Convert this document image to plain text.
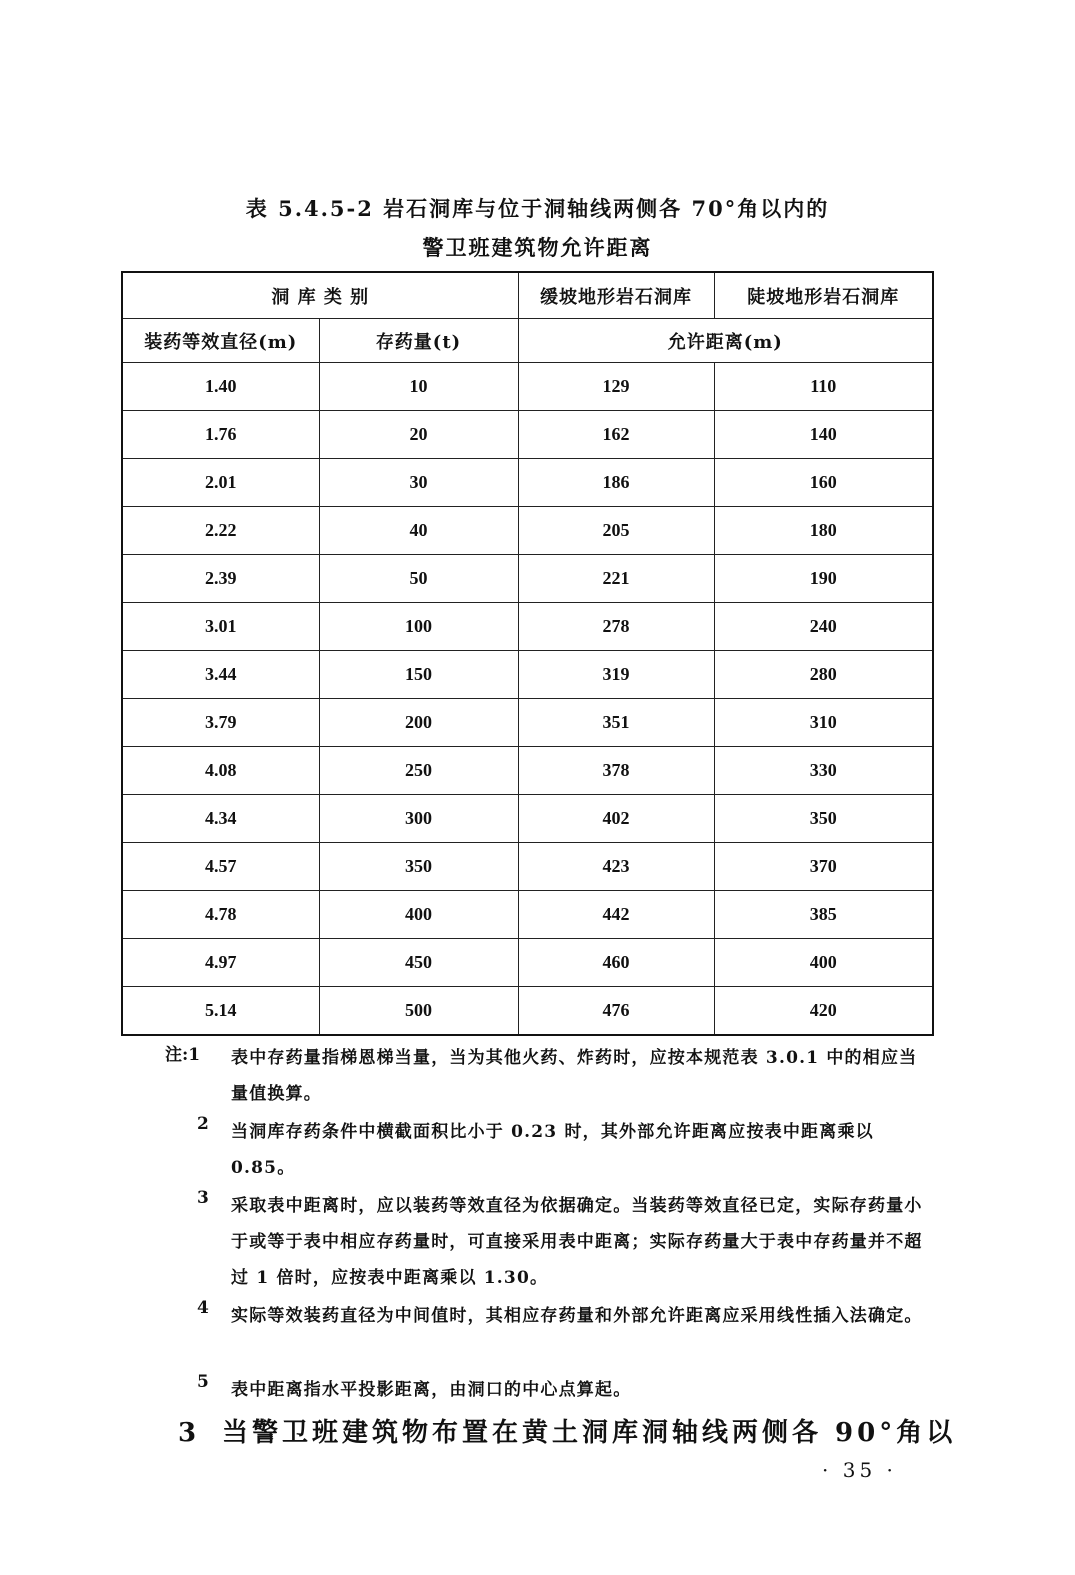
表 5.4.5-2 岩石洞库与位于洞轴线两侧各 70°角以内的
警卫班建筑物允许距离
洞 库 类 别		缓坡地形岩石洞库	陡坡地形岩石洞库
装药等效直径(m)	存药量(t)	允许距离(m)	
1.40	10	129	110
1.76	20	162	140
2.01	30	186	160
2.22	40	205	180
2.39	50	221	190
3.01	100	278	240
3.44	150	319	280
3.79	200	351	310
4.08	250	378	330
4.34	300	402	350
4.57	350	423	370
4.78	400	442	385
4.97	450	460	400
5.14	500	476	420
注:1	表中存药量指梯恩梯当量，当为其他火药、炸药时，应按本规范表 3.0.1 中的相应当量值换算。
2	当洞库存药条件中横截面积比小于 0.23 时，其外部允许距离应按表中距离乘以 0.85。
3	采取表中距离时，应以装药等效直径为依据确定。当装药等效直径已定，实际存药量小于或等于表中相应存药量时，可直接采用表中距离；实际存药量大于表中存药量并不超过 1 倍时，应按表中距离乘以 1.30。
4	实际等效装药直径为中间值时，其相应存药量和外部允许距离应采用线性插入法确定。
5	表中距离指水平投影距离，由洞口的中心点算起。
3 当警卫班建筑物布置在黄土洞库洞轴线两侧各 90°角以
· 35 ·
